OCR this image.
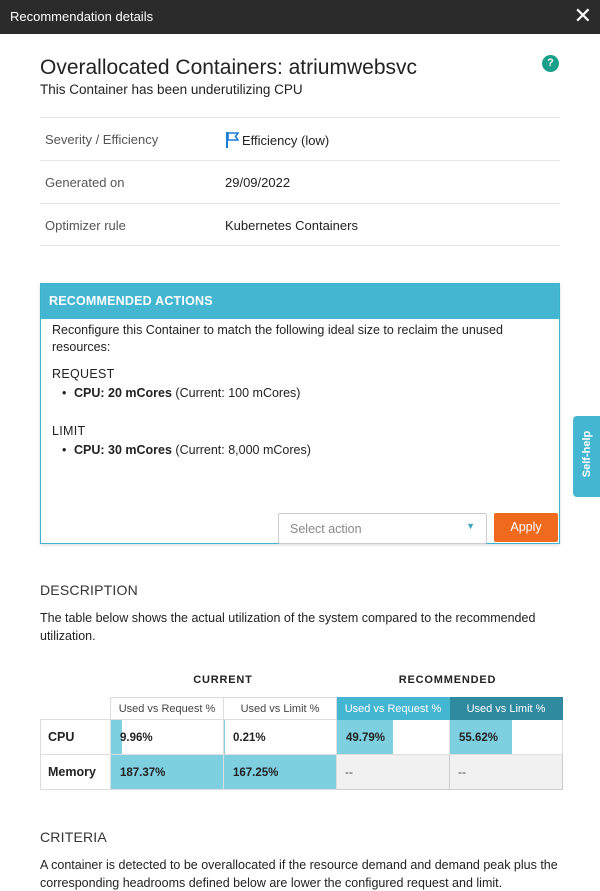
Recommendation details	✕
Overallocated Containers: atriumwebsvc
This Container has been underutilizing CPU
?
Severity / Efficiency	Efficiency (low)
Generated on	29/09/2022
Optimizer rule	Kubernetes Containers
RECOMMENDED ACTIONS
Reconfigure this Container to match the following ideal size to reclaim the unused resources:
REQUEST
• CPU: 20 mCores (Current: 100 mCores)
LIMIT
• CPU: 30 mCores (Current: 8,000 mCores)
Select action	▼	Apply
Self-help
DESCRIPTION
The table below shows the actual utilization of the system compared to the recommended utilization.
CURRENT	RECOMMENDED
	Used vs Request %	Used vs Limit %	Used vs Request %	Used vs Limit %
CPU	9.96%	0.21%	49.79%	55.62%
Memory	187.37%	167.25%	--	--
CRITERIA
A container is detected to be overallocated if the resource demand and demand peak plus the corresponding headrooms defined below are lower the configured request and limit.
